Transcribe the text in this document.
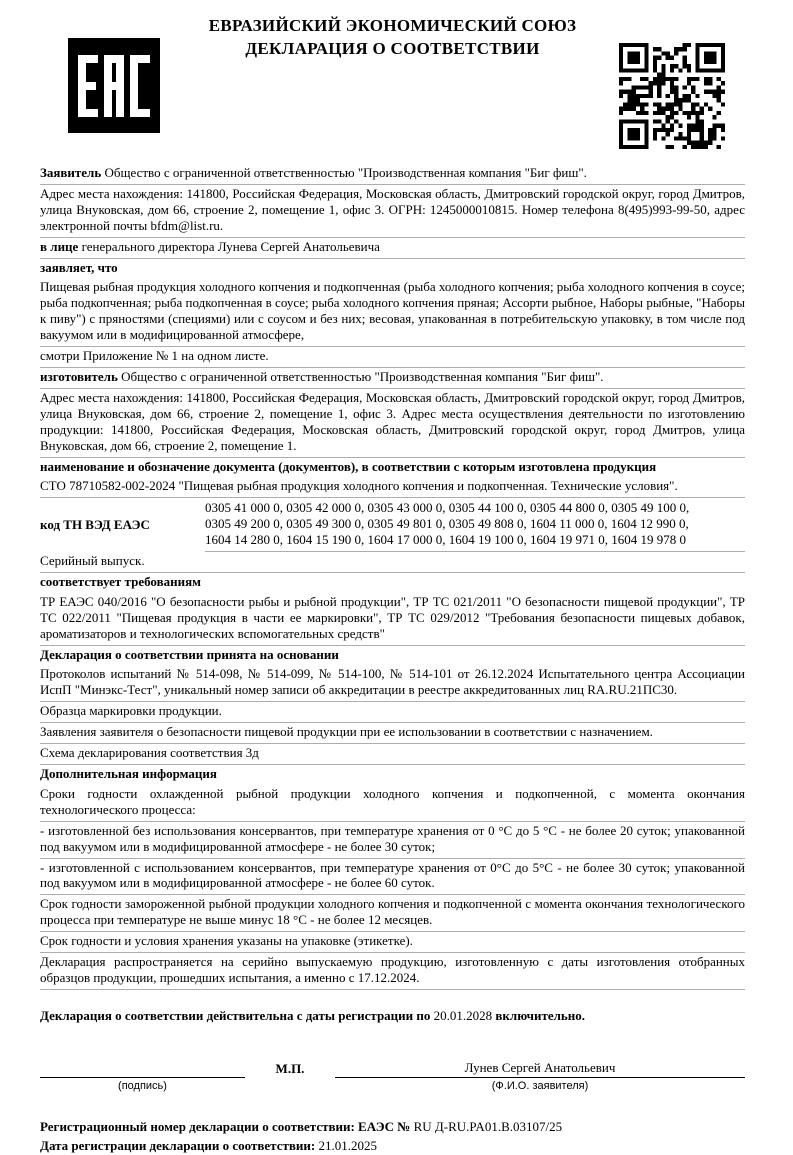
ЕВРАЗИЙСКИЙ ЭКОНОМИЧЕСКИЙ СОЮЗ
ДЕКЛАРАЦИЯ О СООТВЕТСТВИИ
Заявитель Общество с ограниченной ответственностью "Производственная компания "Биг фиш".
Адрес места нахождения: 141800, Российская Федерация, Московская область, Дмитровский городской округ, город Дмитров, улица Внуковская, дом 66, строение 2, помещение 1, офис 3. ОГРН: 1245000010815. Номер телефона 8(495)993-99-50, адрес электронной почты bfdm@list.ru.
в лице генерального директора Лунева Сергей Анатольевича
заявляет, что
Пищевая рыбная продукция холодного копчения и подкопченная (рыба холодного копчения; рыба холодного копчения в соусе; рыба подкопченная; рыба подкопченная в соусе; рыба холодного копчения пряная; Ассорти рыбное, Наборы рыбные, "Наборы к пиву") с пряностями (специями) или с соусом и без них; весовая, упакованная в потребительскую упаковку, в том числе под вакуумом или в модифицированной атмосфере,
смотри Приложение № 1 на одном листе.
изготовитель Общество с ограниченной ответственностью "Производственная компания "Биг фиш".
Адрес места нахождения: 141800, Российская Федерация, Московская область, Дмитровский городской округ, город Дмитров, улица Внуковская, дом 66, строение 2, помещение 1, офис 3. Адрес места осуществления деятельности по изготовлению продукции: 141800, Российская Федерация, Московская область, Дмитровский городской округ, город Дмитров, улица Внуковская, дом 66, строение 2, помещение 1.
наименование и обозначение документа (документов), в соответствии с которым изготовлена продукция
СТО 78710582-002-2024 "Пищевая рыбная продукция холодного копчения и подкопченная. Технические условия".
код ТН ВЭД ЕАЭС
0305 41 000 0, 0305 42 000 0, 0305 43 000 0, 0305 44 100 0, 0305 44 800 0, 0305 49 100 0,
0305 49 200 0, 0305 49 300 0, 0305 49 801 0, 0305 49 808 0, 1604 11 000 0, 1604 12 990 0,
1604 14 280 0, 1604 15 190 0, 1604 17 000 0, 1604 19 100 0, 1604 19 971 0, 1604 19 978 0
Серийный выпуск.
соответствует требованиям
ТР ЕАЭС 040/2016 "О безопасности рыбы и рыбной продукции", ТР ТС 021/2011 "О безопасности пищевой продукции", ТР ТС 022/2011 "Пищевая продукция в части ее маркировки", ТР ТС 029/2012 "Требования безопасности пищевых добавок, ароматизаторов и технологических вспомогательных средств"
Декларация о соответствии принята на основании
Протоколов испытаний № 514-098, № 514-099, № 514-100, № 514-101 от 26.12.2024 Испытательного центра Ассоциации ИспП "Минэкс-Тест", уникальный номер записи об аккредитации в реестре аккредитованных лиц RA.RU.21ПС30.
Образца маркировки продукции.
Заявления заявителя о безопасности пищевой продукции при ее использовании в соответствии с назначением.
Схема декларирования соответствия 3д
Дополнительная информация
Сроки годности охлажденной рыбной продукции холодного копчения и подкопченной, с момента окончания технологического процесса:
- изготовленной без использования консервантов, при температуре хранения от 0 °С до 5 °С - не более 20 суток; упакованной под вакуумом или в модифицированной атмосфере - не более 30 суток;
- изготовленной с использованием консервантов, при температуре хранения от 0°С до 5°С - не более 30 суток; упакованной под вакуумом или в модифицированной атмосфере - не более 60 суток.
Срок годности замороженной рыбной продукции холодного копчения и подкопченной с момента окончания технологического процесса при температуре не выше минус 18 °С - не более 12 месяцев.
Срок годности и условия хранения указаны на упаковке (этикетке).
Декларация распространяется на серийно выпускаемую продукцию, изготовленную с даты изготовления отобранных образцов продукции, прошедших испытания, а именно с 17.12.2024.
Декларация о соответствии действительна с даты регистрации по 20.01.2028 включительно.
(подпись)
М.П.	Лунев Сергей Анатольевич
(Ф.И.О. заявителя)
Регистрационный номер декларации о соответствии: ЕАЭС № RU Д-RU.PA01.B.03107/25
Дата регистрации декларации о соответствии: 21.01.2025
